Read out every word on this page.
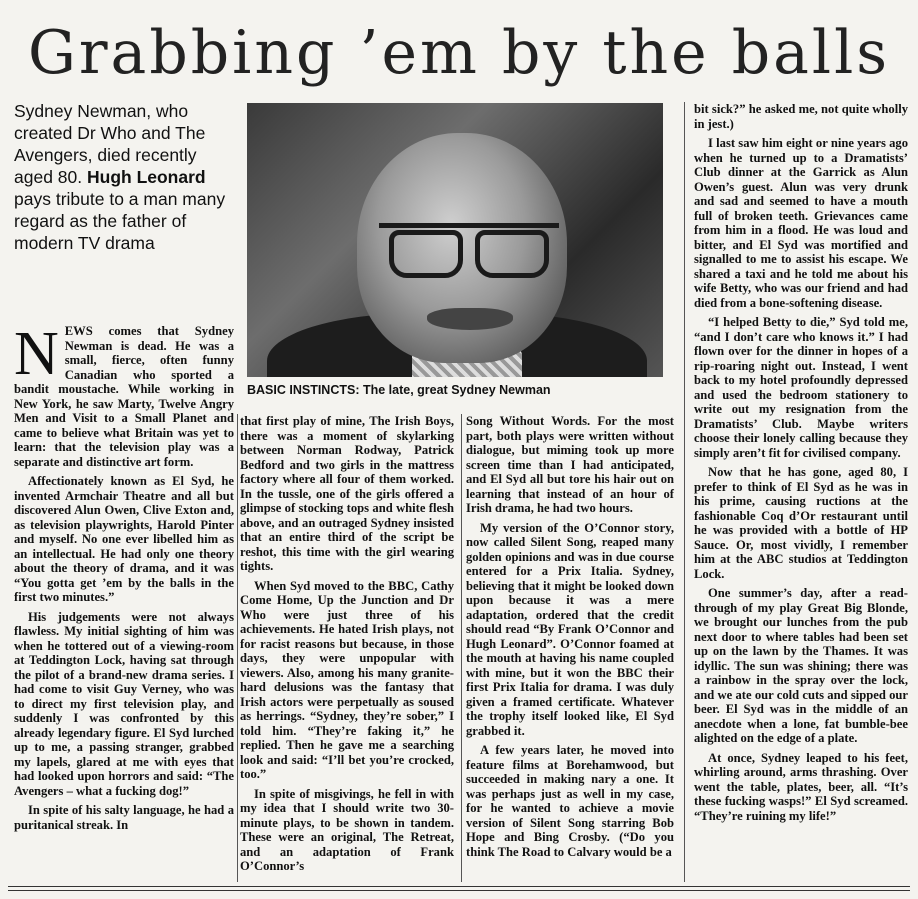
Grabbing ’em by the balls
Sydney Newman, who created Dr Who and The Avengers, died recently aged 80. Hugh Leonard pays tribute to a man many regard as the father of modern TV drama
BASIC INSTINCTS: The late, great Sydney Newman

NEWS comes that Sydney Newman is dead. He was a small, fierce, often funny Canadian who sported a bandit moustache. While working in New York, he saw Marty, Twelve Angry Men and Visit to a Small Planet and came to believe what Britain was yet to learn: that the television play was a separate and distinctive art form.

Affectionately known as El Syd, he invented Armchair Theatre and all but discovered Alun Owen, Clive Exton and, as television playwrights, Harold Pinter and myself. No one ever libelled him as an intellectual. He had only one theory about the theory of drama, and it was “You gotta get ’em by the balls in the first two minutes.”

His judgements were not always flawless. My initial sighting of him was when he tottered out of a viewing-room at Teddington Lock, having sat through the pilot of a brand-new drama series. I had come to visit Guy Verney, who was to direct my first television play, and suddenly I was confronted by this already legendary figure. El Syd lurched up to me, a passing stranger, grabbed my lapels, glared at me with eyes that had looked upon horrors and said: “The Avengers – what a fucking dog!”

In spite of his salty language, he had a puritanical streak. In

that first play of mine, The Irish Boys, there was a moment of skylarking between Norman Rodway, Patrick Bedford and two girls in the mattress factory where all four of them worked. In the tussle, one of the girls offered a glimpse of stocking tops and white flesh above, and an outraged Sydney insisted that an entire third of the script be reshot, this time with the girl wearing tights.

When Syd moved to the BBC, Cathy Come Home, Up the Junction and Dr Who were just three of his achievements. He hated Irish plays, not for racist reasons but because, in those days, they were unpopular with viewers. Also, among his many granite-hard delusions was the fantasy that Irish actors were perpetually as soused as herrings. “Sydney, they’re sober,” I told him. “They’re faking it,” he replied. Then he gave me a searching look and said: “I’ll bet you’re crocked, too.”

In spite of misgivings, he fell in with my idea that I should write two 30-minute plays, to be shown in tandem. These were an original, The Retreat, and an adaptation of Frank O’Connor’s

Song Without Words. For the most part, both plays were written without dialogue, but miming took up more screen time than I had anticipated, and El Syd all but tore his hair out on learning that instead of an hour of Irish drama, he had two hours.

My version of the O’Connor story, now called Silent Song, reaped many golden opinions and was in due course entered for a Prix Italia. Sydney, believing that it might be looked down upon because it was a mere adaptation, ordered that the credit should read “By Frank O’Connor and Hugh Leonard”. O’Connor foamed at the mouth at having his name coupled with mine, but it won the BBC their first Prix Italia for drama. I was duly given a framed certificate. Whatever the trophy itself looked like, El Syd grabbed it.

A few years later, he moved into feature films at Borehamwood, but succeeded in making nary a one. It was perhaps just as well in my case, for he wanted to achieve a movie version of Silent Song starring Bob Hope and Bing Crosby. (“Do you think The Road to Calvary would be a

bit sick?” he asked me, not quite wholly in jest.)

I last saw him eight or nine years ago when he turned up to a Dramatists’ Club dinner at the Garrick as Alun Owen’s guest. Alun was very drunk and sad and seemed to have a mouth full of broken teeth. Grievances came from him in a flood. He was loud and bitter, and El Syd was mortified and signalled to me to assist his escape. We shared a taxi and he told me about his wife Betty, who was our friend and had died from a bone-softening disease.

“I helped Betty to die,” Syd told me, “and I don’t care who knows it.” I had flown over for the dinner in hopes of a rip-roaring night out. Instead, I went back to my hotel profoundly depressed and used the bedroom stationery to write out my resignation from the Dramatists’ Club. Maybe writers choose their lonely calling because they simply aren’t fit for civilised company.

Now that he has gone, aged 80, I prefer to think of El Syd as he was in his prime, causing ructions at the fashionable Coq d’Or restaurant until he was provided with a bottle of HP Sauce. Or, most vividly, I remember him at the ABC studios at Teddington Lock.

One summer’s day, after a read-through of my play Great Big Blonde, we brought our lunches from the pub next door to where tables had been set up on the lawn by the Thames. It was idyllic. The sun was shining; there was a rainbow in the spray over the lock, and we ate our cold cuts and sipped our beer. El Syd was in the middle of an anecdote when a lone, fat bumble-bee alighted on the edge of a plate.

At once, Sydney leaped to his feet, whirling around, arms thrashing. Over went the table, plates, beer, all. “It’s these fucking wasps!” El Syd screamed. “They’re ruining my life!”
